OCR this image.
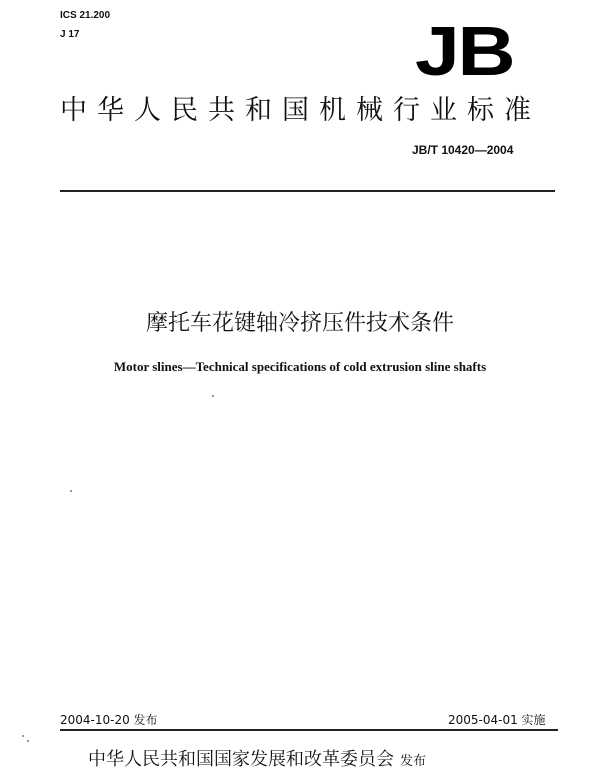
ICS 21.200
J 17	JB
中华人民共和国机械行业标准
JB/T 10420—2004
摩托车花键轴冷挤压件技术条件
Motor slines—Technical specifications of cold extrusion sline shafts
2004-10-20 发布	2005-04-01 实施
中华人民共和国国家发展和改革委员会 发布
